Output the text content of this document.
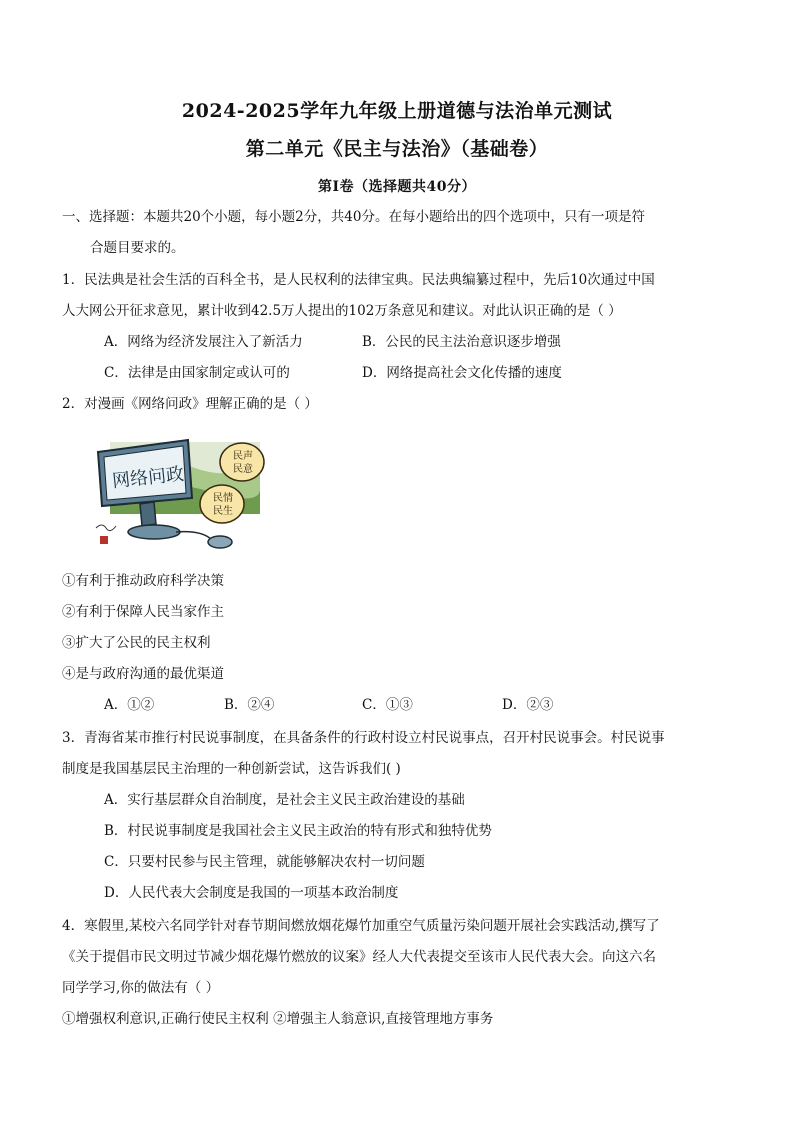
2024-2025学年九年级上册道德与法治单元测试
第二单元《民主与法治》（基础卷）
第Ⅰ卷（选择题共40分）
一、选择题：本题共20个小题，每小题2分，共40分。在每小题给出的四个选项中，只有一项是符
合题目要求的。
1．民法典是社会生活的百科全书，是人民权利的法律宝典。民法典编纂过程中，先后10次通过中国
人大网公开征求意见，累计收到42.5万人提出的102万条意见和建议。对此认识正确的是（ ）
A．网络为经济发展注入了新活力	B．公民的民主法治意识逐步增强
C．法律是由国家制定或认可的	D．网络提高社会文化传播的速度
2．对漫画《网络问政》理解正确的是（ ）
网络问政
民声
民意
民情
民生
①有利于推动政府科学决策
②有利于保障人民当家作主
③扩大了公民的民主权利
④是与政府沟通的最优渠道
A．①②	B．②④	C．①③	D．②③
3．青海省某市推行村民说事制度，在具备条件的行政村设立村民说事点，召开村民说事会。村民说事
制度是我国基层民主治理的一种创新尝试，这告诉我们( )
A．实行基层群众自治制度，是社会主义民主政治建设的基础
B．村民说事制度是我国社会主义民主政治的特有形式和独特优势
C．只要村民参与民主管理，就能够解决农村一切问题
D．人民代表大会制度是我国的一项基本政治制度
4．寒假里,某校六名同学针对春节期间燃放烟花爆竹加重空气质量污染问题开展社会实践活动,撰写了
《关于提倡市民文明过节减少烟花爆竹燃放的议案》经人大代表提交至该市人民代表大会。向这六名
同学学习,你的做法有（ ）
①增强权利意识,正确行使民主权利 ②增强主人翁意识,直接管理地方事务
